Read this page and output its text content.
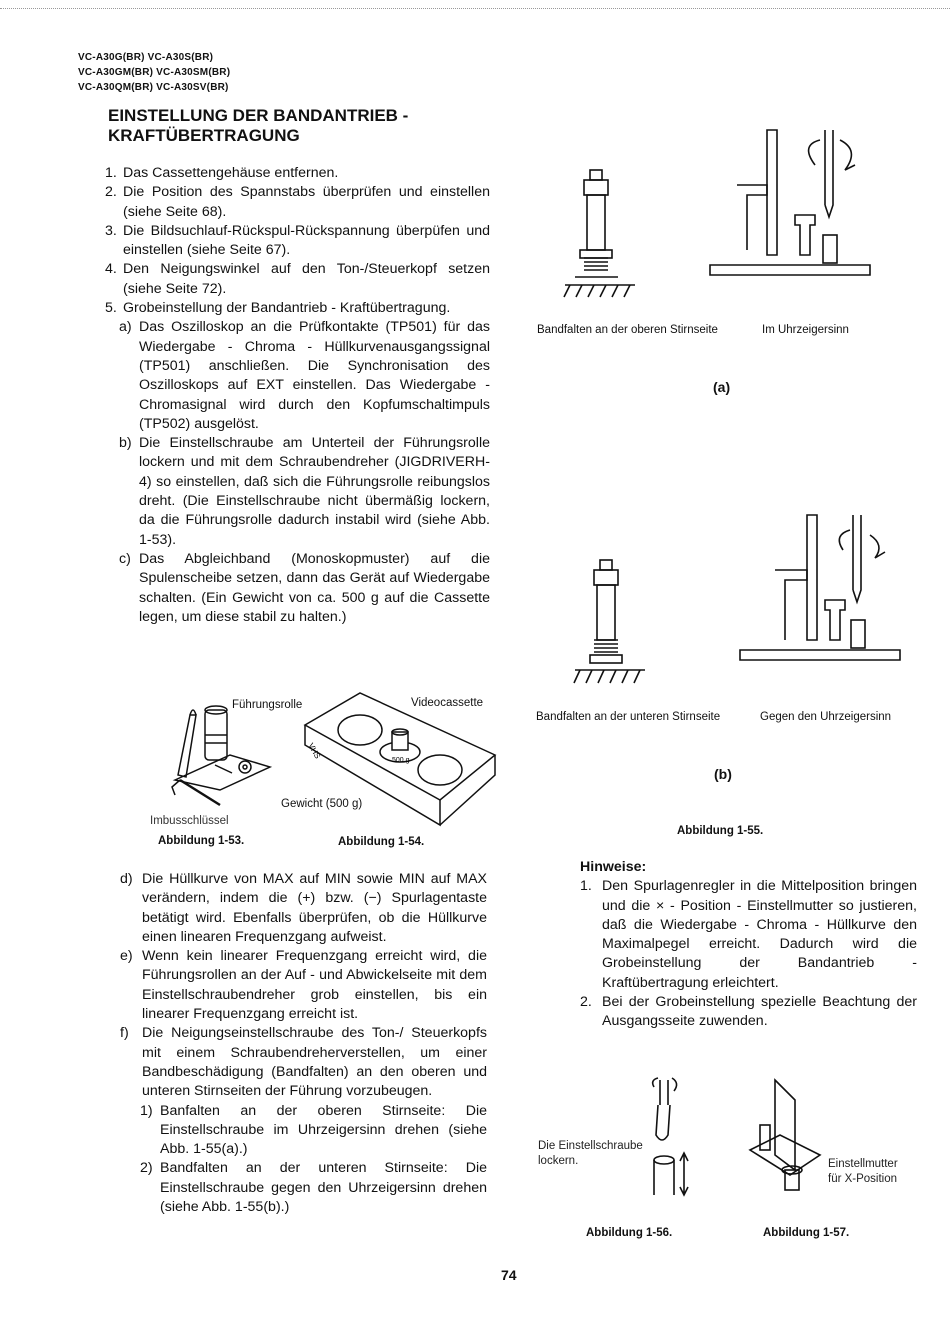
VC-A30G(BR) VC-A30S(BR)
VC-A30GM(BR) VC-A30SM(BR)
VC-A30QM(BR) VC-A30SV(BR)
EINSTELLUNG DER BANDANTRIEB -
KRAFTÜBERTRAGUNG
1. Das Cassettengehäuse entfernen.
2. Die Position des Spannstabs überprüfen und einstellen (siehe Seite 68).
3. Die Bildsuchlauf-Rückspul-Rückspannung überpüfen und einstellen (siehe Seite 67).
4. Den Neigungswinkel auf den Ton-/Steuerkopf setzen (siehe Seite 72).
5. Grobeinstellung der Bandantrieb - Kraftübertragung.
a) Das Oszilloskop an die Prüfkontakte (TP501) für das Wiedergabe - Chroma - Hüllkurvenausgangssignal (TP501) anschließen. Die Synchronisation des Oszilloskops auf EXT einstellen. Das Wiedergabe - Chromasignal wird durch den Kopfumschaltimpuls (TP502) ausgelöst.
b) Die Einstellschraube am Unterteil der Führungsrolle lockern und mit dem Schraubendreher (JIGDRIVERH-4) so einstellen, daß sich die Führungsrolle reibungslos dreht. (Die Einstellschraube nicht übermäßig lockern, da die Führungsrolle dadurch instabil wird (siehe Abb. 1-53).
c) Das Abgleichband (Monoskopmuster) auf die Spulenscheibe setzen, dann das Gerät auf Wiedergabe schalten. (Ein Gewicht von ca. 500 g auf die Cassette legen, um diese stabil zu halten.)
Führungsrolle
Imbusschlüssel
Abbildung 1-53.
VHS
500 g
Videocassette
Gewicht (500 g)
Abbildung 1-54.
d) Die Hüllkurve von MAX auf MIN sowie MIN auf MAX verändern, indem die (+) bzw. (−) Spurlagentaste betätigt wird. Ebenfalls überprüfen, ob die Hüllkurve einen linearen Frequenzgang aufweist.
e) Wenn kein linearer Frequenzgang erreicht wird, die Führungsrollen an der Auf - und Abwickelseite mit dem Einstellschraubendreher grob einstellen, bis ein linearer Frequenzgang erreicht ist.
f) Die Neigungseinstellschraube des Ton-/ Steuerkopfs mit einem Schraubendreherverstellen, um einer Bandbeschädigung (Bandfalten) an den oberen und unteren Stirnseiten der Führung vorzubeugen.
1) Banfalten an der oberen Stirnseite: Die Einstellschraube im Uhrzeigersinn drehen (siehe Abb. 1-55(a).)
2) Bandfalten an der unteren Stirnseite: Die Einstellschraube gegen den Uhrzeigersinn drehen (siehe Abb. 1-55(b).)
Bandfalten an der oberen Stirnseite	Im Uhrzeigersinn
(a)
Bandfalten an der unteren Stirnseite	Gegen den Uhrzeigersinn
(b)
Abbildung 1-55.
Hinweise:
1. Den Spurlagenregler in die Mittelposition bringen und die × - Position - Einstellmutter so justieren, daß die Wiedergabe - Chroma - Hüllkurve den Maximalpegel erreicht. Dadurch wird die Grobeinstellung der Bandantrieb - Kraftübertragung erleichtert.
2. Bei der Grobeinstellung spezielle Beachtung der Ausgangsseite zuwenden.
Die Einstellschraube
lockern.
Abbildung 1-56.
Einstellmutter
für X-Position
Abbildung 1-57.
74
